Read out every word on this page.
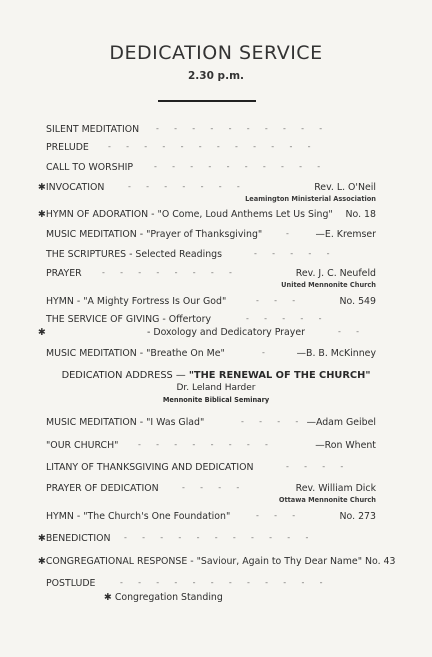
DEDICATION SERVICE
2.30 p.m.
SILENT MEDITATION -      -      -      -      -      -      -      -      -      -
PRELUDE -      -      -      -      -      -      -      -      -      -      -      -
CALL TO WORSHIP	-      -      -      -      -      -      -      -      -      -
✱INVOCATION	-      -      -      -      -      -      -	Rev. L. O'Neil
Leamington Ministerial Association
✱HYMN OF ADORATION - "O Come, Loud Anthems Let Us Sing" No. 18
MUSIC MEDITATION - "Prayer of Thanksgiving"	-	—E. Kremser
THE SCRIPTURES - Selected Readings	-      -      -      -      -
PRAYER	-      -      -      -      -      -      -      -	Rev. J. C. Neufeld
United Mennonite Church
HYMN - "A Mighty Fortress Is Our God"	-      -      -	No. 549
THE SERVICE OF GIVING - Offertory	-      -      -      -      -
✱	- Doxology and Dedicatory Prayer	-      -
MUSIC MEDITATION - "Breathe On Me"	-	—B. B. McKinney
DEDICATION ADDRESS — "THE RENEWAL OF THE CHURCH"
Dr. Leland Harder
Mennonite Biblical Seminary
MUSIC MEDITATION - "I Was Glad"	-      -      -      - —Adam Geibel
"OUR CHURCH" -      -      -      -      -      -      -      -	—Ron Whent
LITANY OF THANKSGIVING AND DEDICATION	-      -      -      -
PRAYER OF DEDICATION	-      -      -      -	Rev. William Dick
Ottawa Mennonite Church
HYMN - "The Church's One Foundation"	-      -      -	No. 273
✱BENEDICTION -      -      -      -      -      -      -      -      -      -      -
✱CONGREGATIONAL RESPONSE - "Saviour, Again to Thy Dear Name" No. 43
POSTLUDE	-      -      -      -      -      -      -      -      -      -      -      -
✱ Congregation Standing
